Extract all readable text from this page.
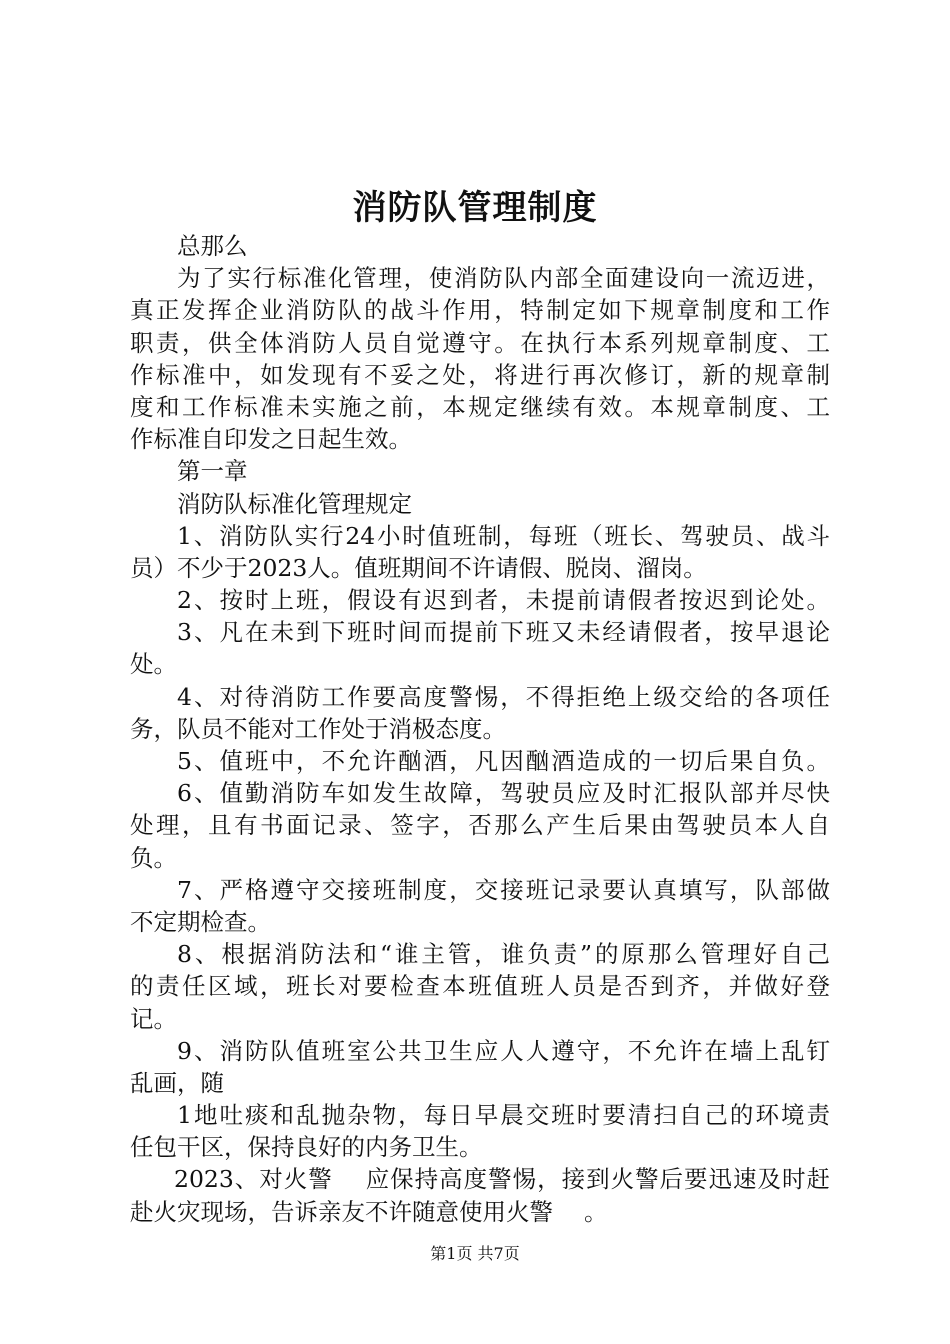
消防队管理制度
总那么
为了实行标准化管理，使消防队内部全面建设向一流迈进，
真正发挥企业消防队的战斗作用，特制定如下规章制度和工作
职责，供全体消防人员自觉遵守。在执行本系列规章制度、工
作标准中，如发现有不妥之处，将进行再次修订，新的规章制
度和工作标准未实施之前，本规定继续有效。本规章制度、工
作标准自印发之日起生效。
第一章
消防队标准化管理规定
1、消防队实行24小时值班制，每班（班长、驾驶员、战斗
员）不少于2023人。值班期间不许请假、脱岗、溜岗。
2、按时上班，假设有迟到者，未提前请假者按迟到论处。
3、凡在未到下班时间而提前下班又未经请假者，按早退论
处。
4、对待消防工作要高度警惕，不得拒绝上级交给的各项任
务，队员不能对工作处于消极态度。
5、值班中，不允许酗酒，凡因酗酒造成的一切后果自负。
6、值勤消防车如发生故障，驾驶员应及时汇报队部并尽快
处理，且有书面记录、签字，否那么产生后果由驾驶员本人自
负。
7、严格遵守交接班制度，交接班记录要认真填写，队部做
不定期检查。
8、根据消防法和“谁主管，谁负责”的原那么管理好自己
的责任区域，班长对要检查本班值班人员是否到齐，并做好登
记。
9、消防队值班室公共卫生应人人遵守，不允许在墙上乱钉
乱画，随
1地吐痰和乱抛杂物，每日早晨交班时要清扫自己的环境责
任包干区，保持良好的内务卫生。
2023、对火警　 应保持高度警惕，接到火警后要迅速及时赶
赴火灾现场，告诉亲友不许随意使用火警　 。
第1页 共7页
